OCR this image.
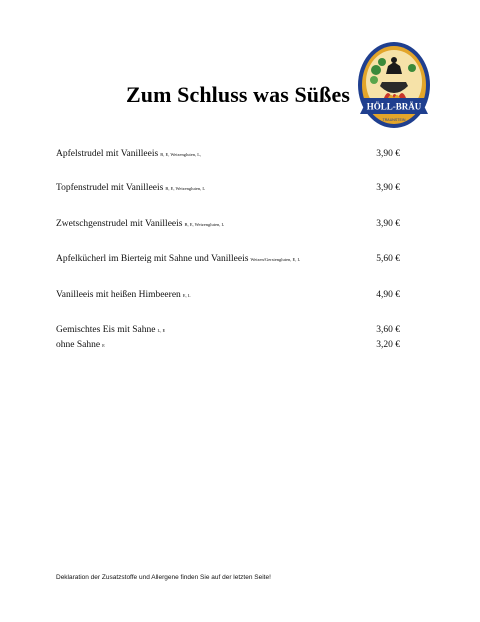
Zum Schluss was Süßes	HÖLL-BRÄU
TRAUNSTEIN
Apfelstrudel mit Vanilleeis B, E, Weizengluten, L,	3,90 €
Topfenstrudel mit Vanilleeis B, E, Weizengluten, L	3,90 €
Zwetschgenstrudel mit Vanilleeis B, E, Weizengluten, L	3,90 €
Apfelkücherl im Bierteig mit Sahne und Vanilleeis Weizen/Gerstengluten, E, L	5,60 €
Vanilleeis mit heißen Himbeeren E, L	4,90 €
Gemischtes Eis mit Sahne L, E	3,60 €
ohne Sahne E	3,20 €
Deklaration der Zusatzstoffe und Allergene finden Sie auf der letzten Seite!
